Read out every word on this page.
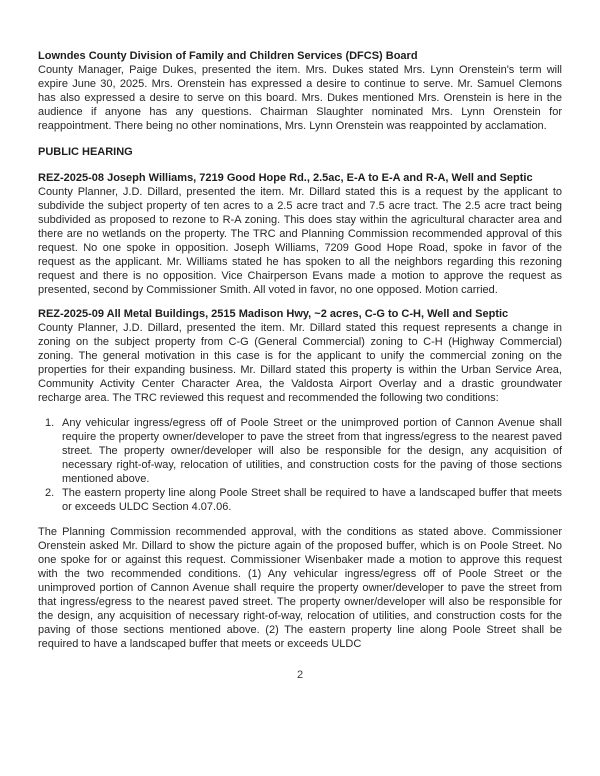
Lowndes County Division of Family and Children Services (DFCS) Board

County Manager, Paige Dukes, presented the item. Mrs. Dukes stated Mrs. Lynn Orenstein's term will expire June 30, 2025. Mrs. Orenstein has expressed a desire to continue to serve. Mr. Samuel Clemons has also expressed a desire to serve on this board. Mrs. Dukes mentioned Mrs. Orenstein is here in the audience if anyone has any questions. Chairman Slaughter nominated Mrs. Lynn Orenstein for reappointment. There being no other nominations, Mrs. Lynn Orenstein was reappointed by acclamation.

PUBLIC HEARING
REZ-2025-08 Joseph Williams, 7219 Good Hope Rd., 2.5ac, E-A to E-A and R-A, Well and Septic

County Planner, J.D. Dillard, presented the item. Mr. Dillard stated this is a request by the applicant to subdivide the subject property of ten acres to a 2.5 acre tract and 7.5 acre tract. The 2.5 acre tract being subdivided as proposed to rezone to R-A zoning. This does stay within the agricultural character area and there are no wetlands on the property. The TRC and Planning Commission recommended approval of this request. No one spoke in opposition. Joseph Williams, 7209 Good Hope Road, spoke in favor of the request as the applicant. Mr. Williams stated he has spoken to all the neighbors regarding this rezoning request and there is no opposition. Vice Chairperson Evans made a motion to approve the request as presented, second by Commissioner Smith. All voted in favor, no one opposed. Motion carried.

REZ-2025-09 All Metal Buildings, 2515 Madison Hwy, ~2 acres, C-G to C-H, Well and Septic

County Planner, J.D. Dillard, presented the item. Mr. Dillard stated this request represents a change in zoning on the subject property from C-G (General Commercial) zoning to C-H (Highway Commercial) zoning. The general motivation in this case is for the applicant to unify the commercial zoning on the properties for their expanding business. Mr. Dillard stated this property is within the Urban Service Area, Community Activity Center Character Area, the Valdosta Airport Overlay and a drastic groundwater recharge area. The TRC reviewed this request and recommended the following two conditions:

1. Any vehicular ingress/egress off of Poole Street or the unimproved portion of Cannon Avenue shall require the property owner/developer to pave the street from that ingress/egress to the nearest paved street. The property owner/developer will also be responsible for the design, any acquisition of necessary right-of-way, relocation of utilities, and construction costs for the paving of those sections mentioned above.
2. The eastern property line along Poole Street shall be required to have a landscaped buffer that meets or exceeds ULDC Section 4.07.06.

The Planning Commission recommended approval, with the conditions as stated above. Commissioner Orenstein asked Mr. Dillard to show the picture again of the proposed buffer, which is on Poole Street. No one spoke for or against this request. Commissioner Wisenbaker made a motion to approve this request with the two recommended conditions. (1) Any vehicular ingress/egress off of Poole Street or the unimproved portion of Cannon Avenue shall require the property owner/developer to pave the street from that ingress/egress to the nearest paved street. The property owner/developer will also be responsible for the design, any acquisition of necessary right-of-way, relocation of utilities, and construction costs for the paving of those sections mentioned above. (2) The eastern property line along Poole Street shall be required to have a landscaped buffer that meets or exceeds ULDC

2
